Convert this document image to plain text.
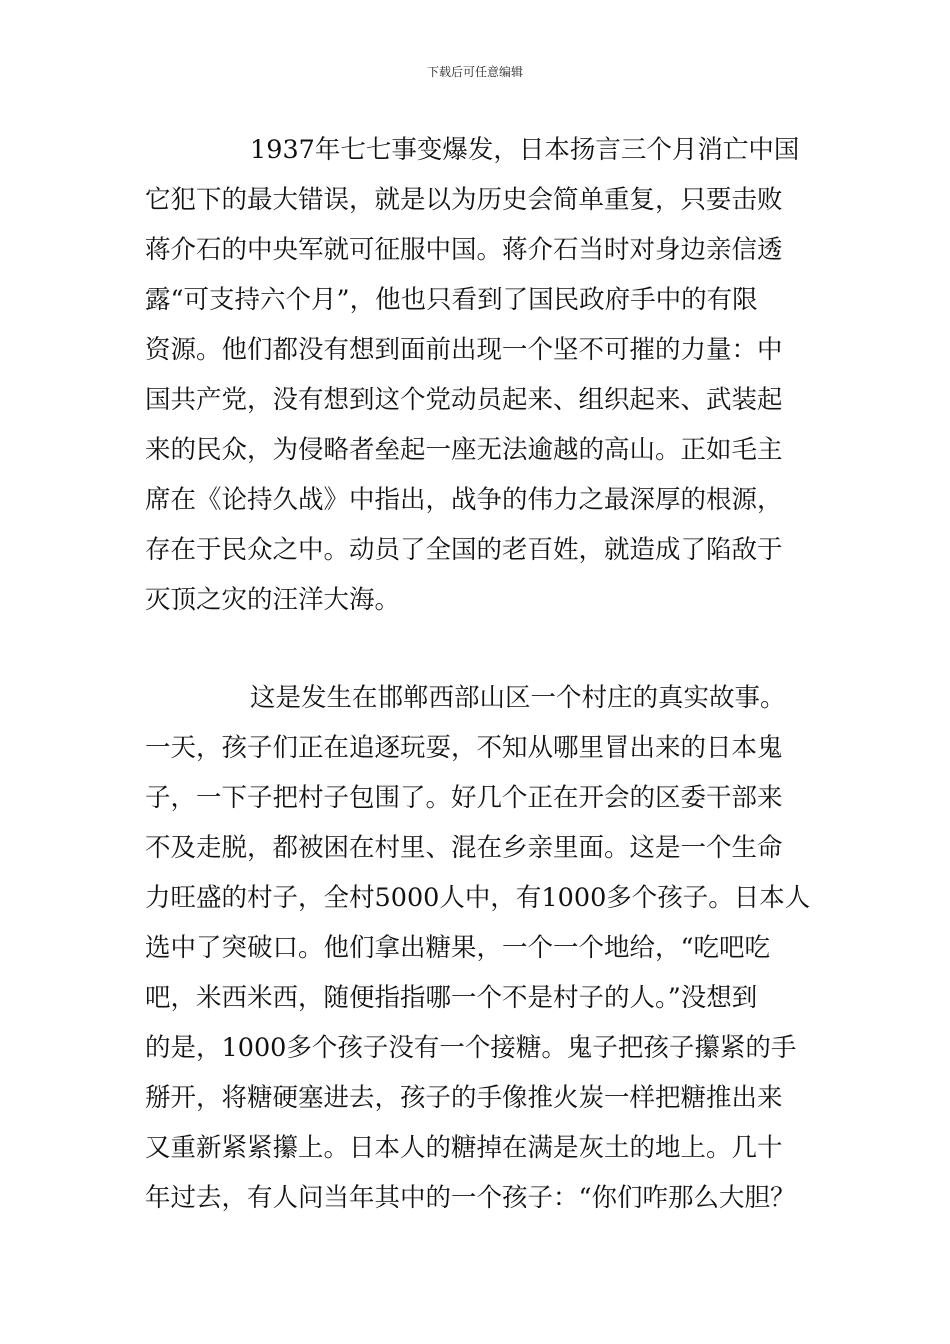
下载后可任意编辑
1937年七七事变爆发，日本扬言三个月消亡中国
它犯下的最大错误，就是以为历史会简单重复，只要击败
蒋介石的中央军就可征服中国。蒋介石当时对身边亲信透
露“可支持六个月”，他也只看到了国民政府手中的有限
资源。他们都没有想到面前出现一个坚不可摧的力量：中
国共产党，没有想到这个党动员起来、组织起来、武装起
来的民众，为侵略者垒起一座无法逾越的高山。正如毛主
席在《论持久战》中指出，战争的伟力之最深厚的根源，
存在于民众之中。动员了全国的老百姓，就造成了陷敌于
灭顶之灾的汪洋大海。
这是发生在邯郸西部山区一个村庄的真实故事。
一天，孩子们正在追逐玩耍，不知从哪里冒出来的日本鬼
子，一下子把村子包围了。好几个正在开会的区委干部来
不及走脱，都被困在村里、混在乡亲里面。这是一个生命
力旺盛的村子，全村5000人中，有1000多个孩子。日本人
选中了突破口。他们拿出糖果，一个一个地给，“吃吧吃
吧，米西米西，随便指指哪一个不是村子的人。”没想到
的是，1000多个孩子没有一个接糖。鬼子把孩子攥紧的手
掰开，将糖硬塞进去，孩子的手像推火炭一样把糖推出来
又重新紧紧攥上。日本人的糖掉在满是灰土的地上。几十
年过去，有人问当年其中的一个孩子：“你们咋那么大胆？
